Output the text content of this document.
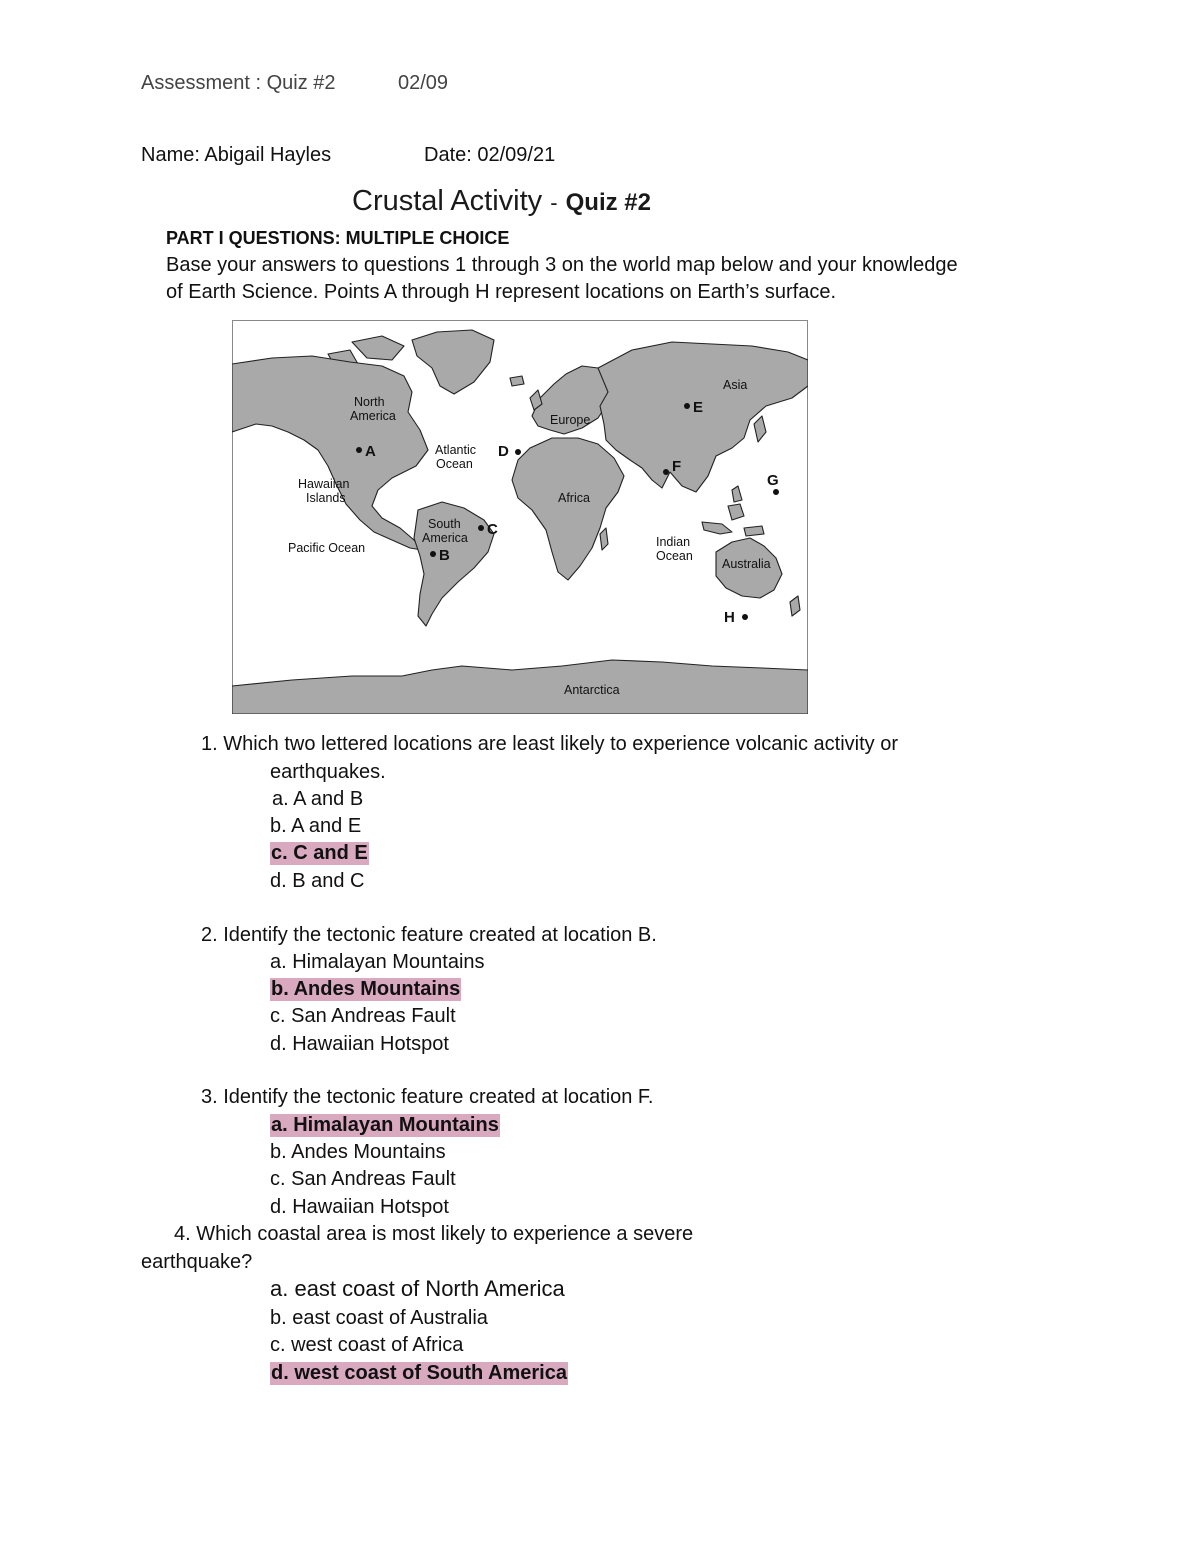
Assessment : Quiz #2	02/09
Name: Abigail Hayles	Date: 02/09/21
Crustal Activity - Quiz #2
PART I QUESTIONS: MULTIPLE CHOICE
Base your answers to questions 1 through 3 on the world map below and your knowledge
of Earth Science. Points A through H represent locations on Earth’s surface.
North
America
Atlantic
Ocean
Europe
Asia
Hawaiian
Islands	Africa
South
America
Pacific Ocean	Indian
Ocean
Australia
Antarctica
A
B
C
D
E
F
G
H
1. Which two lettered locations are least likely to experience volcanic activity or
earthquakes.
a. A and B
b. A and E
c. C and E
d. B and C
2. Identify the tectonic feature created at location B.
a. Himalayan Mountains
b. Andes Mountains
c. San Andreas Fault
d. Hawaiian Hotspot
3. Identify the tectonic feature created at location F.
a. Himalayan Mountains
b. Andes Mountains
c. San Andreas Fault
d. Hawaiian Hotspot
4. Which coastal area is most likely to experience a severe
earthquake?
a. east coast of North America
b. east coast of Australia
c. west coast of Africa
d. west coast of South America
